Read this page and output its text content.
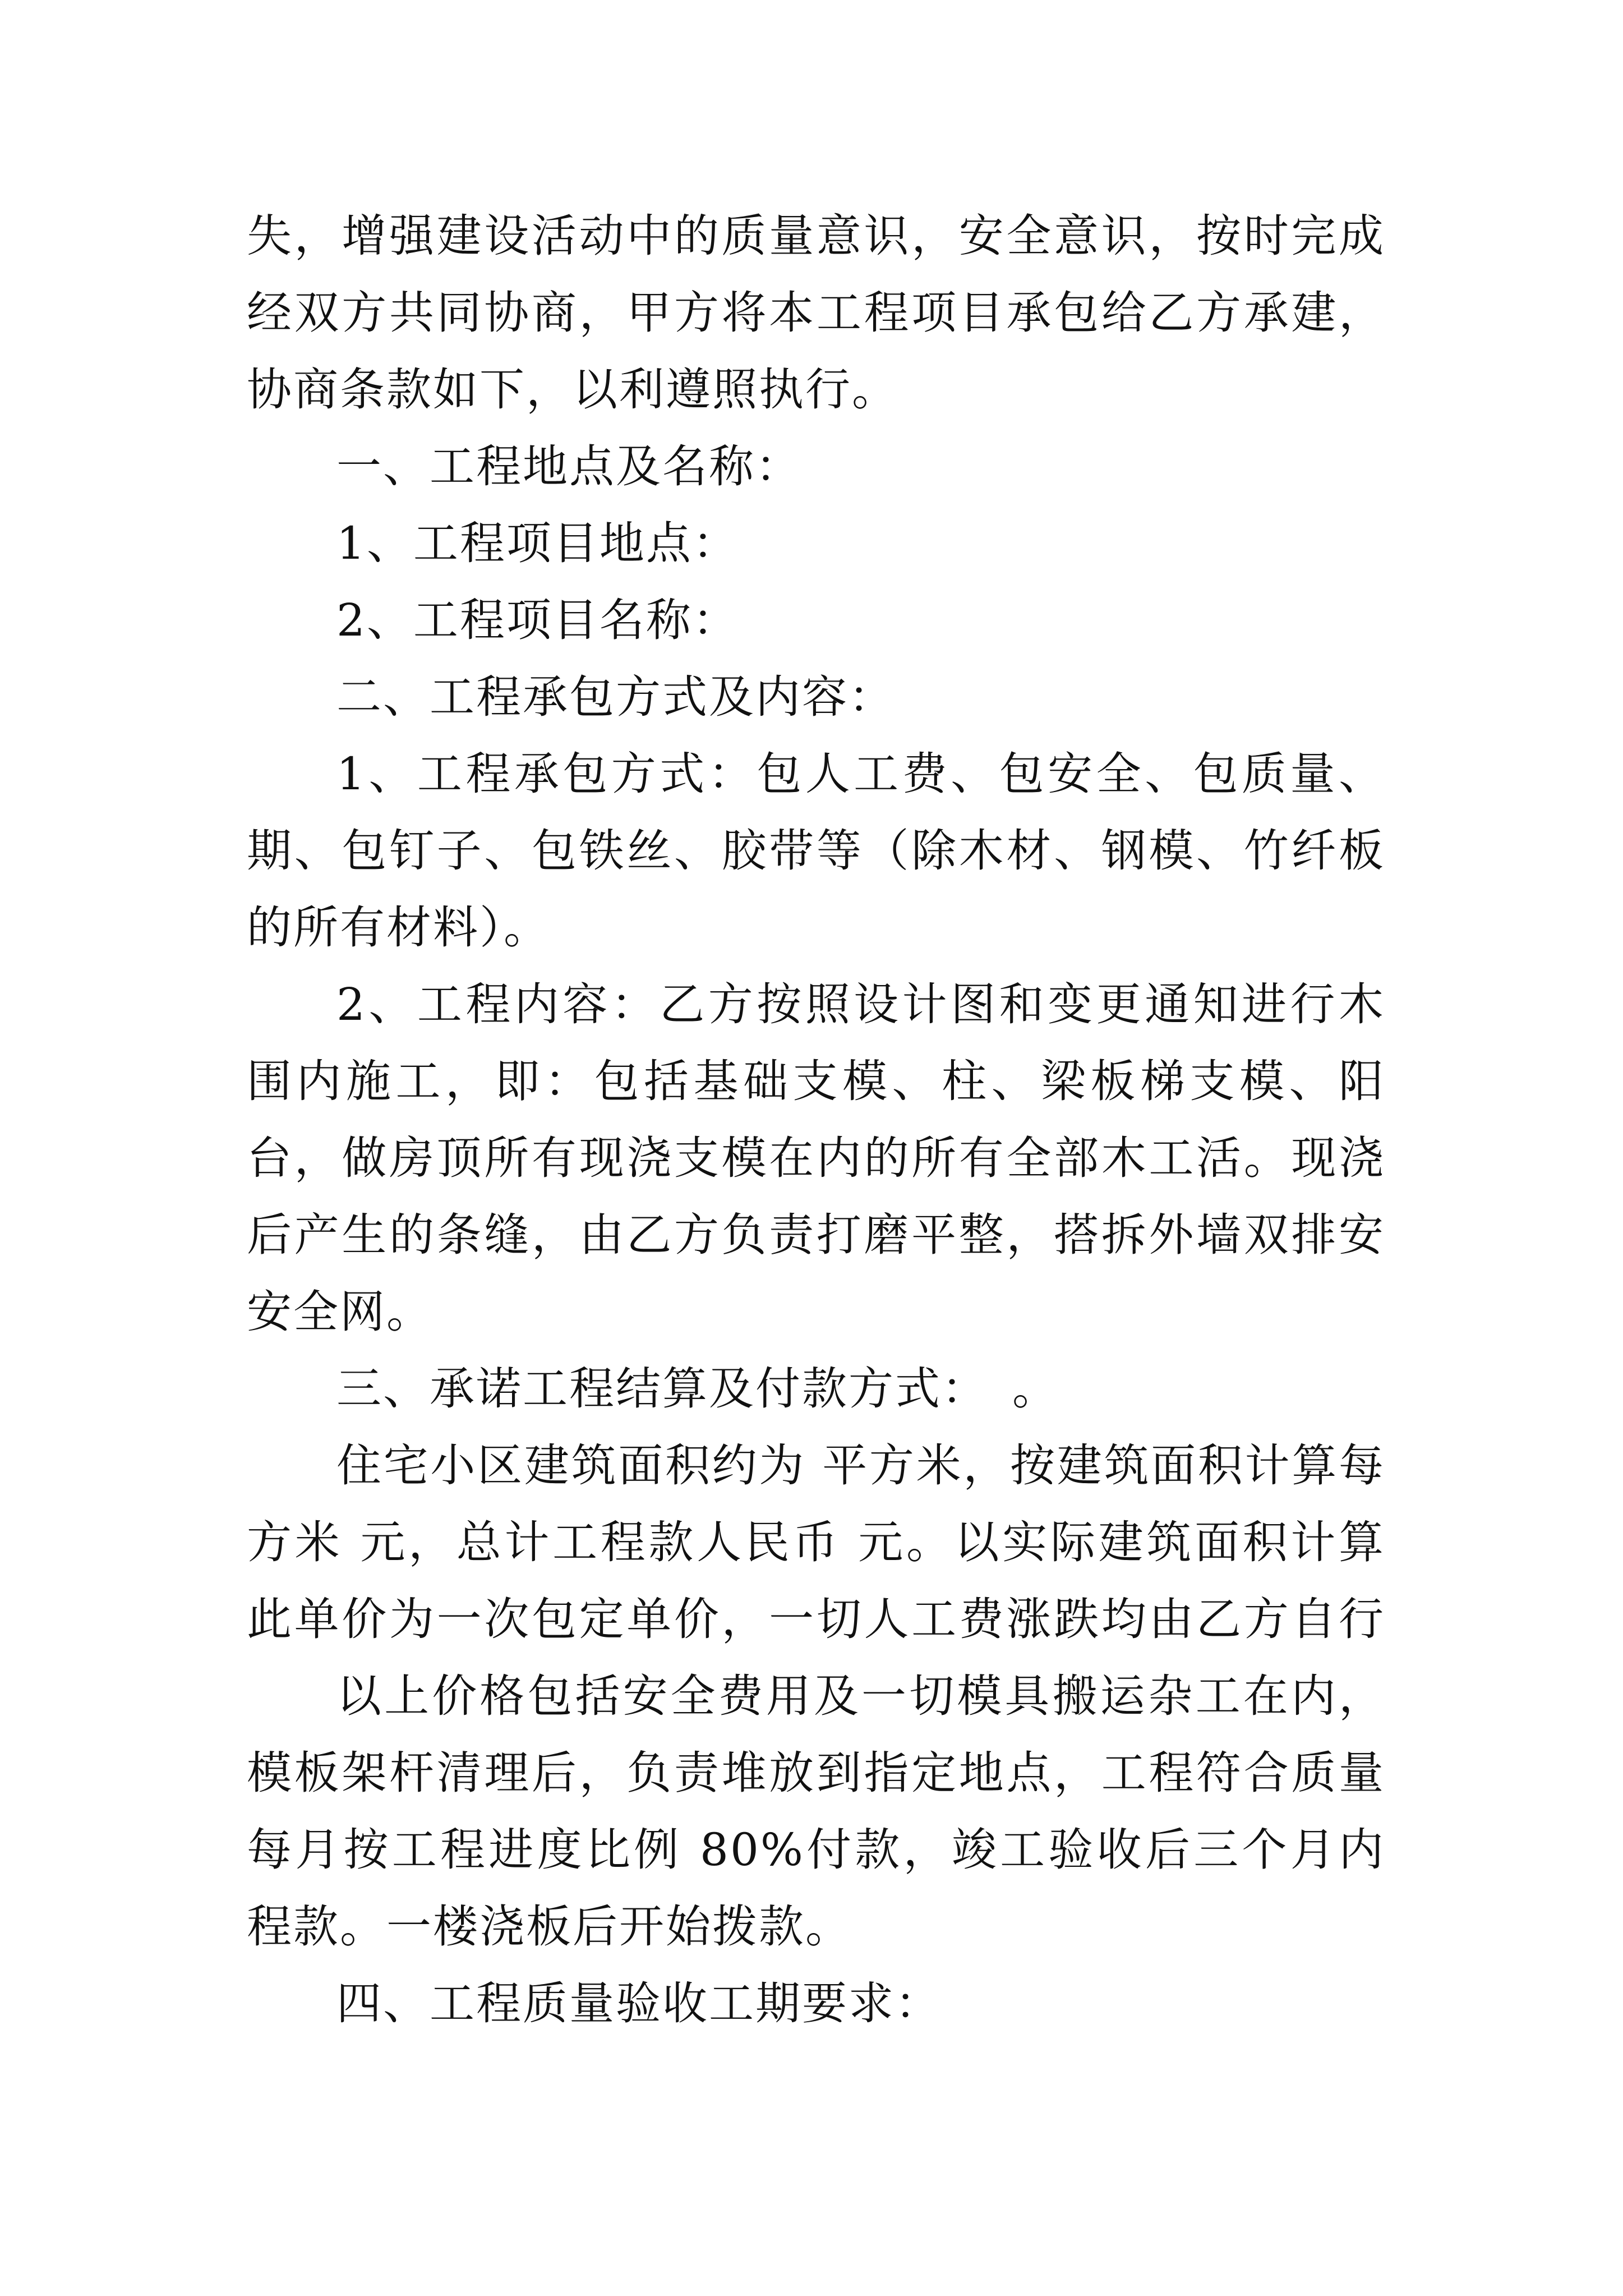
失，增强建设活动中的质量意识，安全意识，按时完成
经双方共同协商，甲方将本工程项目承包给乙方承建，
协商条款如下，以利遵照执行。
一、工程地点及名称：
1、工程项目地点：
2、工程项目名称：
二、工程承包方式及内容：
1、工程承包方式：包人工费、包安全、包质量、
期、包钉子、包铁丝、胶带等（除木材、钢模、竹纤板
的所有材料）。
2、工程内容：乙方按照设计图和变更通知进行木
围内施工，即：包括基础支模、柱、梁板梯支模、阳
台，做房顶所有现浇支模在内的所有全部木工活。现浇
后产生的条缝，由乙方负责打磨平整，搭拆外墙双排安
安全网。
三、承诺工程结算及付款方式：　。
住宅小区建筑面积约为 平方米，按建筑面积计算每
方米 元，总计工程款人民币 元。以实际建筑面积计算
此单价为一次包定单价，一切人工费涨跌均由乙方自行
以上价格包括安全费用及一切模具搬运杂工在内，
模板架杆清理后，负责堆放到指定地点，工程符合质量
每月按工程进度比例 80%付款，竣工验收后三个月内
程款。一楼浇板后开始拨款。
四、工程质量验收工期要求：
